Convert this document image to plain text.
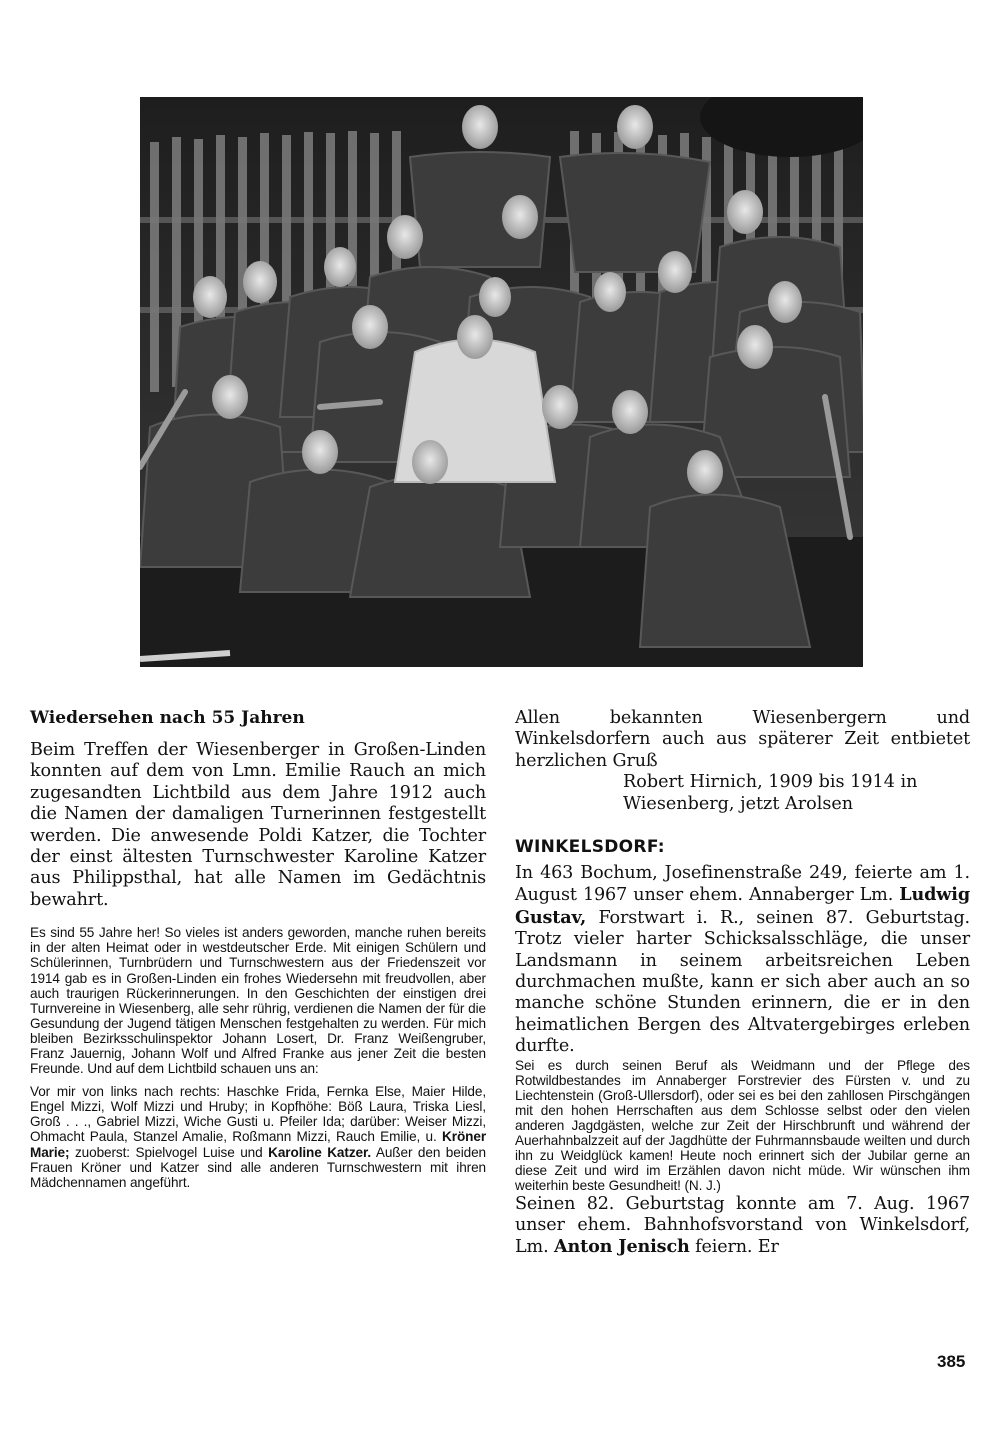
Wiedersehen nach 55 Jahren

Beim Treffen der Wiesenberger in Großen-Linden konnten auf dem von Lmn. Emilie Rauch an mich zugesandten Lichtbild aus dem Jahre 1912 auch die Namen der damaligen Turnerinnen festgestellt werden. Die anwesende Poldi Katzer, die Tochter der einst ältesten Turnschwester Karoline Katzer aus Philippsthal, hat alle Namen im Gedächtnis bewahrt.

Es sind 55 Jahre her! So vieles ist anders geworden, manche ruhen bereits in der alten Heimat oder in westdeutscher Erde. Mit einigen Schülern und Schülerinnen, Turnbrüdern und Turnschwestern aus der Friedenszeit vor 1914 gab es in Großen-Linden ein frohes Wiedersehn mit freudvollen, aber auch traurigen Rückerinnerungen. In den Geschichten der einstigen drei Turnvereine in Wiesenberg, alle sehr rührig, verdienen die Namen der für die Gesundung der Jugend tätigen Menschen festgehalten zu werden. Für mich bleiben Bezirksschulinspektor Johann Losert, Dr. Franz Weißengruber, Franz Jauernig, Johann Wolf und Alfred Franke aus jener Zeit die besten Freunde. Und auf dem Lichtbild schauen uns an:

Vor mir von links nach rechts: Haschke Frida, Fernka Else, Maier Hilde, Engel Mizzi, Wolf Mizzi und Hruby; in Kopfhöhe: Böß Laura, Triska Liesl, Groß . . ., Gabriel Mizzi, Wiche Gusti u. Pfeiler Ida; darüber: Weiser Mizzi, Ohmacht Paula, Stanzel Amalie, Roßmann Mizzi, Rauch Emilie, u. Kröner Marie; zuoberst: Spielvogel Luise und Karoline Katzer. Außer den beiden Frauen Kröner und Katzer sind alle anderen Turnschwestern mit ihren Mädchennamen angeführt.

Allen bekannten Wiesenbergern und Winkelsdorfern auch aus späterer Zeit entbietet herzlichen Gruß

Robert Hirnich, 1909 bis 1914 in

Wiesenberg, jetzt Arolsen

WINKELSDORF:

In 463 Bochum, Josefinenstraße 249, feierte am 1. August 1967 unser ehem. Annaberger Lm. Ludwig Gustav, Forstwart i. R., seinen 87. Geburtstag. Trotz vieler harter Schicksalsschläge, die unser Landsmann in seinem arbeitsreichen Leben durchmachen mußte, kann er sich aber auch an so manche schöne Stunden erinnern, die er in den heimatlichen Bergen des Altvatergebirges erleben durfte.

Sei es durch seinen Beruf als Weidmann und der Pflege des Rotwildbestandes im Annaberger Forstrevier des Fürsten v. und zu Liechtenstein (Groß-Ullersdorf), oder sei es bei den zahllosen Pirschgängen mit den hohen Herrschaften aus dem Schlosse selbst oder den vielen anderen Jagdgästen, welche zur Zeit der Hirschbrunft und während der Auerhahnbalzzeit auf der Jagdhütte der Fuhrmannsbaude weilten und durch ihn zu Weidglück kamen! Heute noch erinnert sich der Jubilar gerne an diese Zeit und wird im Erzählen davon nicht müde. Wir wünschen ihm weiterhin beste Gesundheit! (N. J.)

Seinen 82. Geburtstag konnte am 7. Aug. 1967 unser ehem. Bahnhofsvorstand von Winkelsdorf, Lm. Anton Jenisch feiern. Er

385
